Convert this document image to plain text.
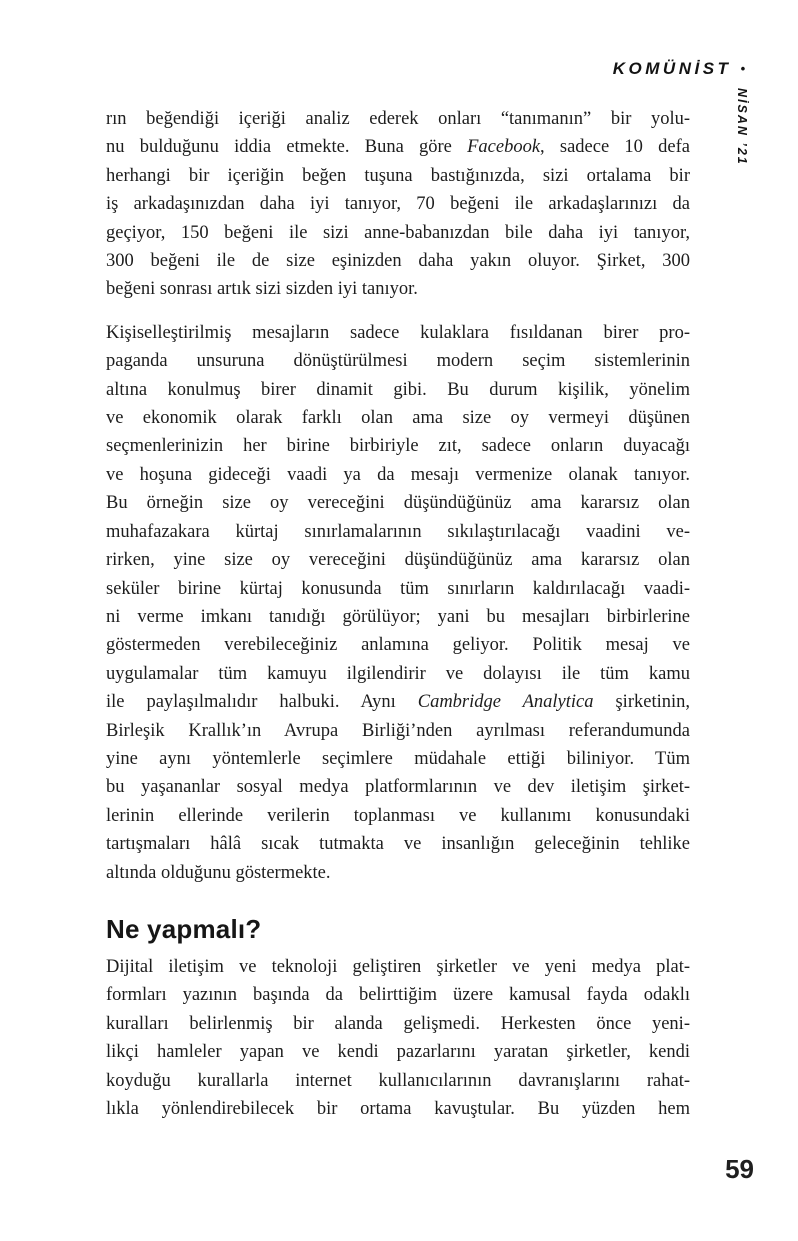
KOMÜNİST •
NİSAN ’21
rın beğendiği içeriği analiz ederek onları “tanımanın” bir yolu-
nu bulduğunu iddia etmekte. Buna göre Facebook, sadece 10 defa
herhangi bir içeriğin beğen tuşuna bastığınızda, sizi ortalama bir
iş arkadaşınızdan daha iyi tanıyor, 70 beğeni ile arkadaşlarınızı da
geçiyor, 150 beğeni ile sizi anne-babanızdan bile daha iyi tanıyor,
300 beğeni ile de size eşinizden daha yakın oluyor. Şirket, 300
beğeni sonrası artık sizi sizden iyi tanıyor.
Kişiselleştirilmiş mesajların sadece kulaklara fısıldanan birer pro-
paganda unsuruna dönüştürülmesi modern seçim sistemlerinin
altına konulmuş birer dinamit gibi. Bu durum kişilik, yönelim
ve ekonomik olarak farklı olan ama size oy vermeyi düşünen
seçmenlerinizin her birine birbiriyle zıt, sadece onların duyacağı
ve hoşuna gideceği vaadi ya da mesajı vermenize olanak tanıyor.
Bu örneğin size oy vereceğini düşündüğünüz ama kararsız olan
muhafazakara kürtaj sınırlamalarının sıkılaştırılacağı vaadini ve-
rirken, yine size oy vereceğini düşündüğünüz ama kararsız olan
seküler birine kürtaj konusunda tüm sınırların kaldırılacağı vaadi-
ni verme imkanı tanıdığı görülüyor; yani bu mesajları birbirlerine
göstermeden verebileceğiniz anlamına geliyor. Politik mesaj ve
uygulamalar tüm kamuyu ilgilendirir ve dolayısı ile tüm kamu
ile paylaşılmalıdır halbuki. Aynı Cambridge Analytica şirketinin,
Birleşik Krallık’ın Avrupa Birliği’nden ayrılması referandumunda
yine aynı yöntemlerle seçimlere müdahale ettiği biliniyor. Tüm
bu yaşananlar sosyal medya platformlarının ve dev iletişim şirket-
lerinin ellerinde verilerin toplanması ve kullanımı konusundaki
tartışmaları hâlâ sıcak tutmakta ve insanlığın geleceğinin tehlike
altında olduğunu göstermekte.
Ne yapmalı?
Dijital iletişim ve teknoloji geliştiren şirketler ve yeni medya plat-
formları yazının başında da belirttiğim üzere kamusal fayda odaklı
kuralları belirlenmiş bir alanda gelişmedi. Herkesten önce yeni-
likçi hamleler yapan ve kendi pazarlarını yaratan şirketler, kendi
koyduğu kurallarla internet kullanıcılarının davranışlarını rahat-
lıkla yönlendirebilecek bir ortama kavuştular. Bu yüzden hem
59
